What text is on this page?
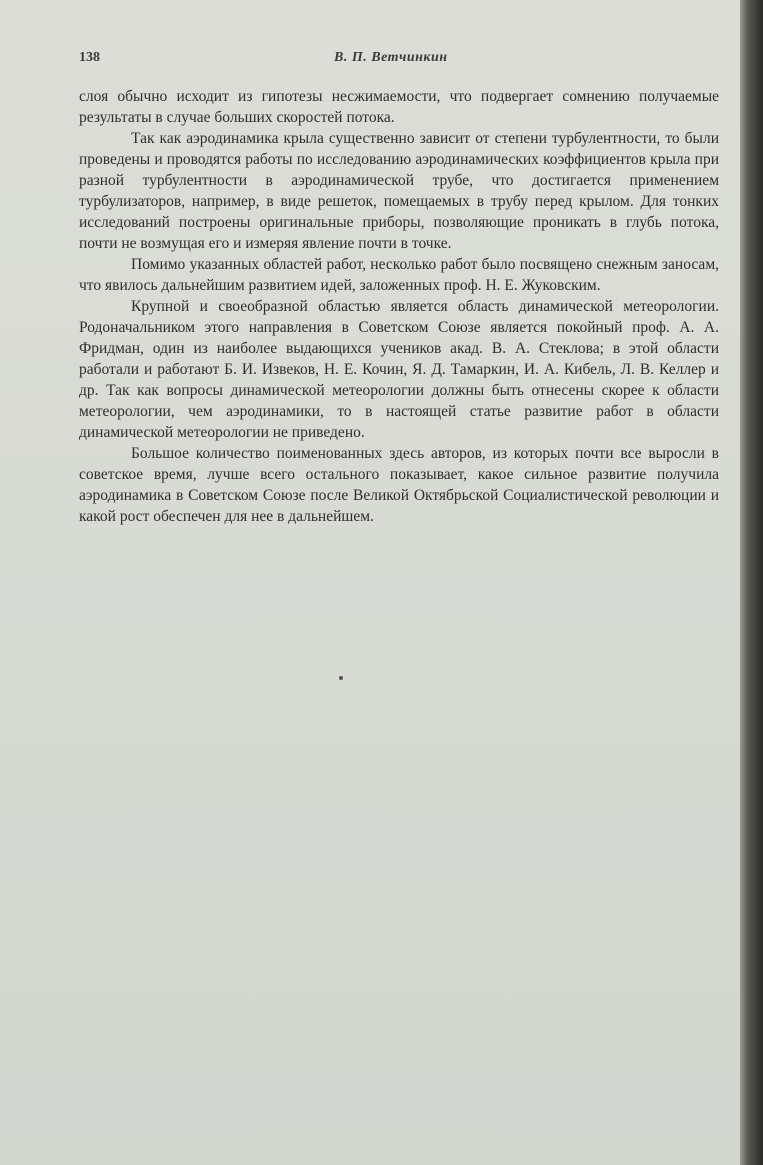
138	В. П. Ветчинкин

слоя обычно исходит из гипотезы несжимаемости, что подвергает сомнению получаемые результаты в случае больших скоростей потока.

Так как аэродинамика крыла существенно зависит от степени турбулентности, то были проведены и проводятся работы по исследованию аэродинамических коэффициентов крыла при разной турбулентности в аэродинамической трубе, что достигается применением турбулизаторов, например, в виде решеток, помещаемых в трубу перед крылом. Для тонких исследований построены оригинальные приборы, позволяющие проникать в глубь потока, почти не возмущая его и измеряя явление почти в точке.

Помимо указанных областей работ, несколько работ было посвящено снежным заносам, что явилось дальнейшим развитием идей, заложенных проф. Н. Е. Жуковским.

Крупной и своеобразной областью является область динамической метеорологии. Родоначальником этого направления в Советском Союзе является покойный проф. А. А. Фридман, один из наиболее выдающихся учеников акад. В. А. Стеклова; в этой области работали и работают Б. И. Извеков, Н. Е. Кочин, Я. Д. Тамаркин, И. А. Кибель, Л. В. Келлер и др. Так как вопросы динамической метеорологии должны быть отнесены скорее к области метеорологии, чем аэродинамики, то в настоящей статье развитие работ в области динамической метеорологии не приведено.

Большое количество поименованных здесь авторов, из которых почти все выросли в советское время, лучше всего остального показывает, какое сильное развитие получила аэродинамика в Советском Союзе после Великой Октябрьской Социалистической революции и какой рост обеспечен для нее в дальнейшем.
